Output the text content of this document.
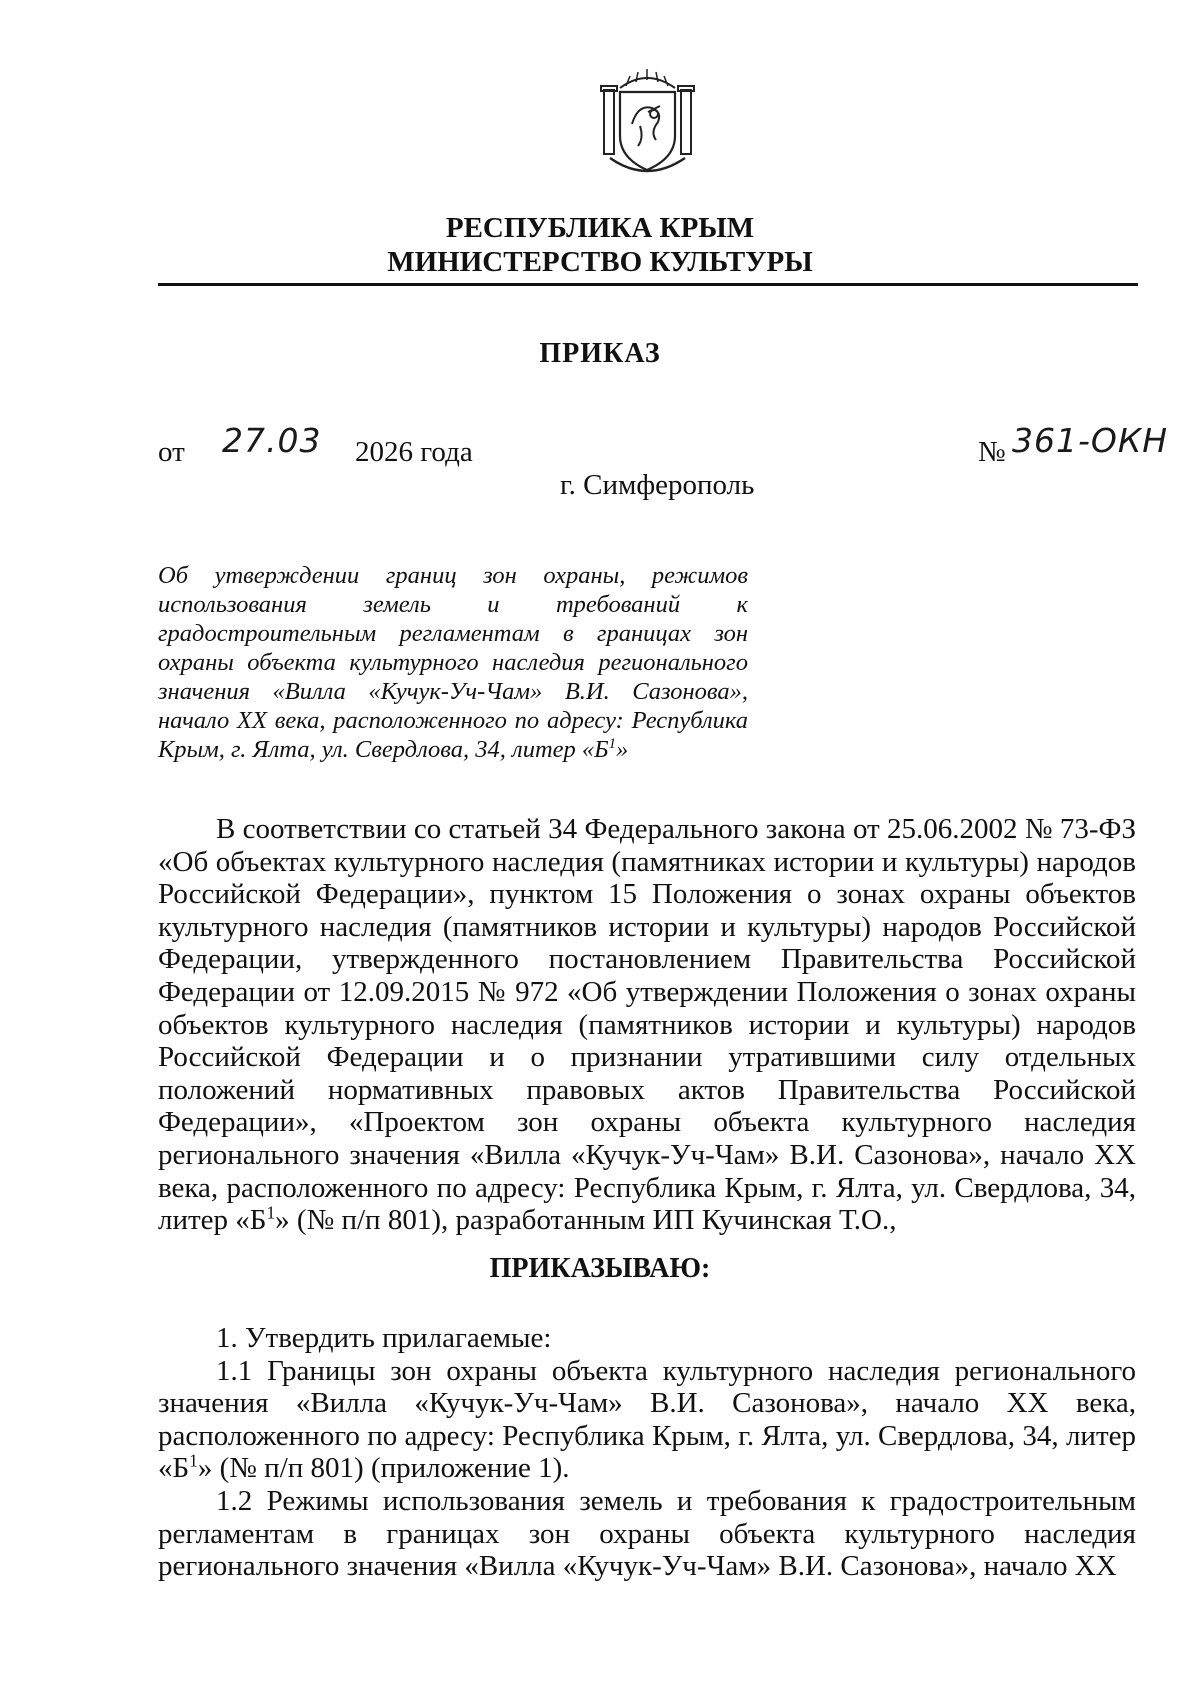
РЕСПУБЛИКА КРЫМ
МИНИСТЕРСТВО КУЛЬТУРЫ
ПРИКАЗ
от 27.03 2026 года	№ 361-ОКН
г. Симферополь
Об утверждении границ зон охраны, режимов использования земель и требований к градостроительным регламентам в границах зон охраны объекта культурного наследия регионального значения «Вилла «Кучук-Уч-Чам» В.И. Сазонова», начало XX века, расположенного по адресу: Республика Крым, г. Ялта, ул. Свердлова, 34, литер «$Б^1$»

В соответствии со статьей 34 Федерального закона от 25.06.2002 № 73-ФЗ «Об объектах культурного наследия (памятниках истории и культуры) народов Российской Федерации», пунктом 15 Положения о зонах охраны объектов культурного наследия (памятников истории и культуры) народов Российской Федерации, утвержденного постановлением Правительства Российской Федерации от 12.09.2015 № 972 «Об утверждении Положения о зонах охраны объектов культурного наследия (памятников истории и культуры) народов Российской Федерации и о признании утратившими силу отдельных положений нормативных правовых актов Правительства Российской Федерации», «Проектом зон охраны объекта культурного наследия регионального значения «Вилла «Кучук-Уч-Чам» В.И. Сазонова», начало XX века, расположенного по адресу: Республика Крым, г. Ялта, ул. Свердлова, 34, литер «$Б^1$» (№ п/п 801), разработанным ИП Кучинская Т.О.,

ПРИКАЗЫВАЮ:

1. Утвердить прилагаемые:

1.1 Границы зон охраны объекта культурного наследия регионального значения «Вилла «Кучук-Уч-Чам» В.И. Сазонова», начало XX века, расположенного по адресу: Республика Крым, г. Ялта, ул. Свердлова, 34, литер «$Б^1$» (№ п/п 801) (приложение 1).

1.2 Режимы использования земель и требования к градостроительным регламентам в границах зон охраны объекта культурного наследия регионального значения «Вилла «Кучук-Уч-Чам» В.И. Сазонова», начало XX
